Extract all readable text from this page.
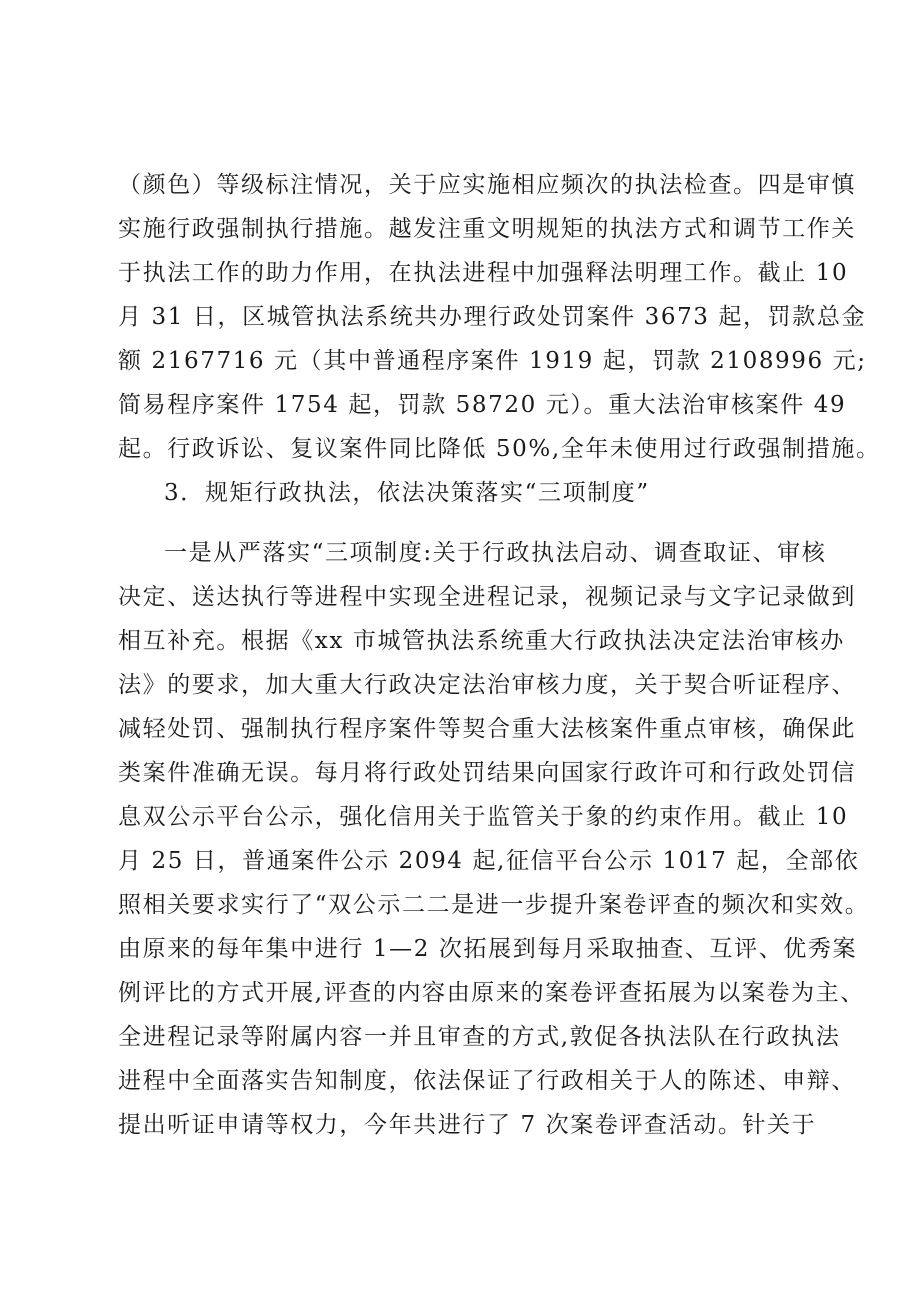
（颜色）等级标注情况，关于应实施相应频次的执法检查。四是审慎
实施行政强制执行措施。越发注重文明规矩的执法方式和调节工作关
于执法工作的助力作用，在执法进程中加强释法明理工作。截止 10
月 31 日，区城管执法系统共办理行政处罚案件 3673 起，罚款总金
额 2167716 元（其中普通程序案件 1919 起，罚款 2108996 元;
简易程序案件 1754 起，罚款 58720 元）。重大法治审核案件 49
起。行政诉讼、复议案件同比降低 50%,全年未使用过行政强制措施。
3．规矩行政执法，依法决策落实“三项制度”
一是从严落实“三项制度:关于行政执法启动、调查取证、审核
决定、送达执行等进程中实现全进程记录，视频记录与文字记录做到
相互补充。根据《xx 市城管执法系统重大行政执法决定法治审核办
法》的要求，加大重大行政决定法治审核力度，关于契合听证程序、
减轻处罚、强制执行程序案件等契合重大法核案件重点审核，确保此
类案件准确无误。每月将行政处罚结果向国家行政许可和行政处罚信
息双公示平台公示，强化信用关于监管关于象的约束作用。截止 10
月 25 日，普通案件公示 2094 起,征信平台公示 1017 起，全部依
照相关要求实行了“双公示二二是进一步提升案卷评查的频次和实效。
由原来的每年集中进行 1—2 次拓展到每月采取抽查、互评、优秀案
例评比的方式开展,评查的内容由原来的案卷评查拓展为以案卷为主、
全进程记录等附属内容一并且审查的方式,敦促各执法队在行政执法
进程中全面落实告知制度，依法保证了行政相关于人的陈述、申辩、
提出听证申请等权力，今年共进行了 7 次案卷评查活动。针关于
